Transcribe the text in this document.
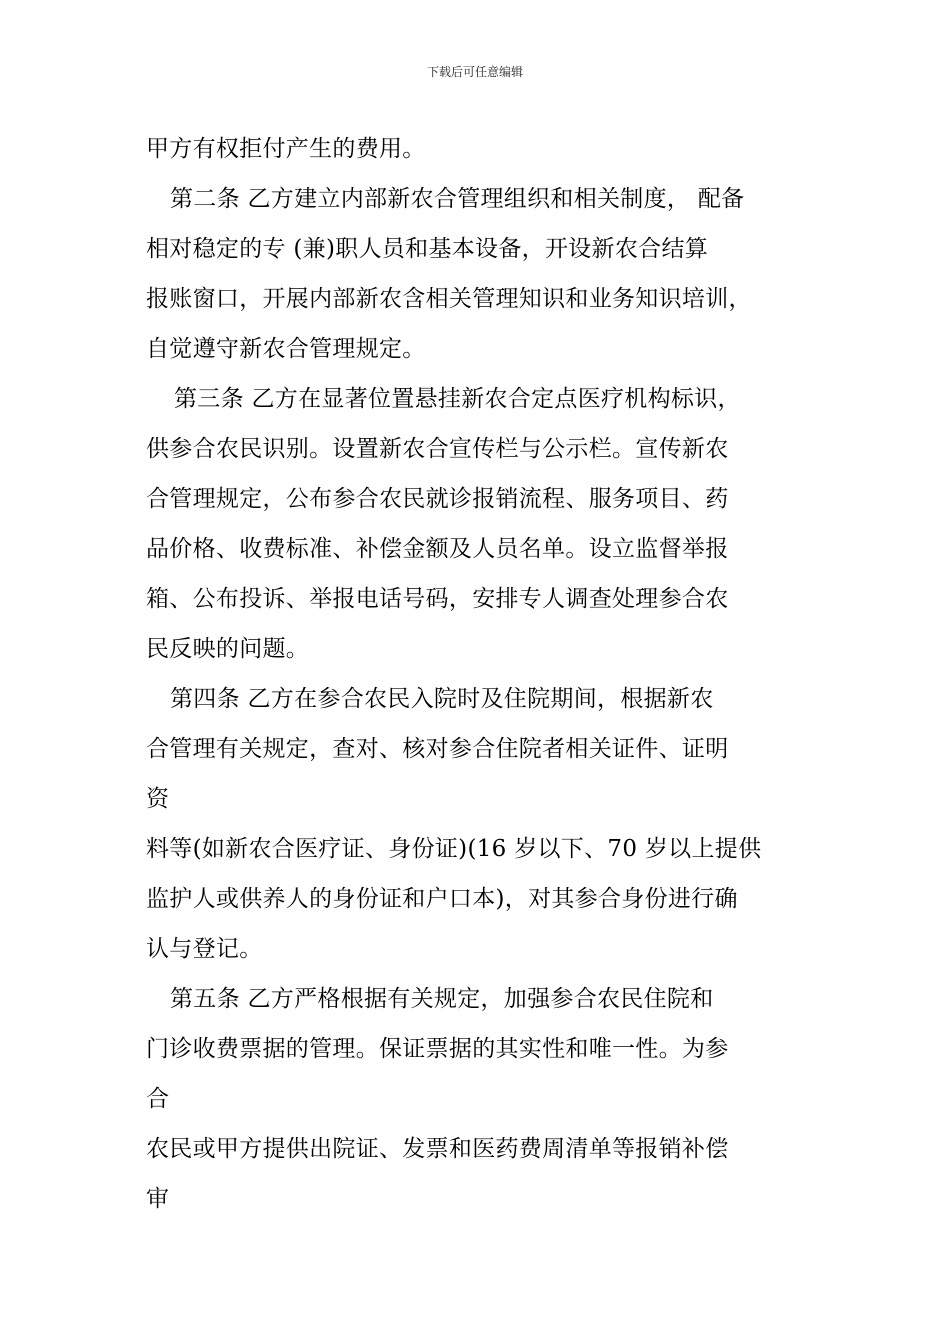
下载后可任意编辑
甲方有权拒付产生的费用。
第二条 乙方建立内部新农合管理组织和相关制度， 配备
相对稳定的专 (兼)职人员和基本设备，开设新农合结算
报账窗口，开展内部新农含相关管理知识和业务知识培训，
自觉遵守新农合管理规定。
第三条 乙方在显著位置悬挂新农合定点医疗机构标识，
供参合农民识别。设置新农合宣传栏与公示栏。宣传新农
合管理规定，公布参合农民就诊报销流程、服务项目、药
品价格、收费标准、补偿金额及人员名单。设立监督举报
箱、公布投诉、举报电话号码，安排专人调查处理参合农
民反映的问题。
第四条 乙方在参合农民入院时及住院期间，根据新农
合管理有关规定，查对、核对参合住院者相关证件、证明
资
料等(如新农合医疗证、身份证)(16 岁以下、70 岁以上提供
监护人或供养人的身份证和户口本)，对其参合身份进行确
认与登记。
第五条 乙方严格根据有关规定，加强参合农民住院和
门诊收费票据的管理。保证票据的其实性和唯一性。为参
合
农民或甲方提供出院证、发票和医药费周清单等报销补偿
审
